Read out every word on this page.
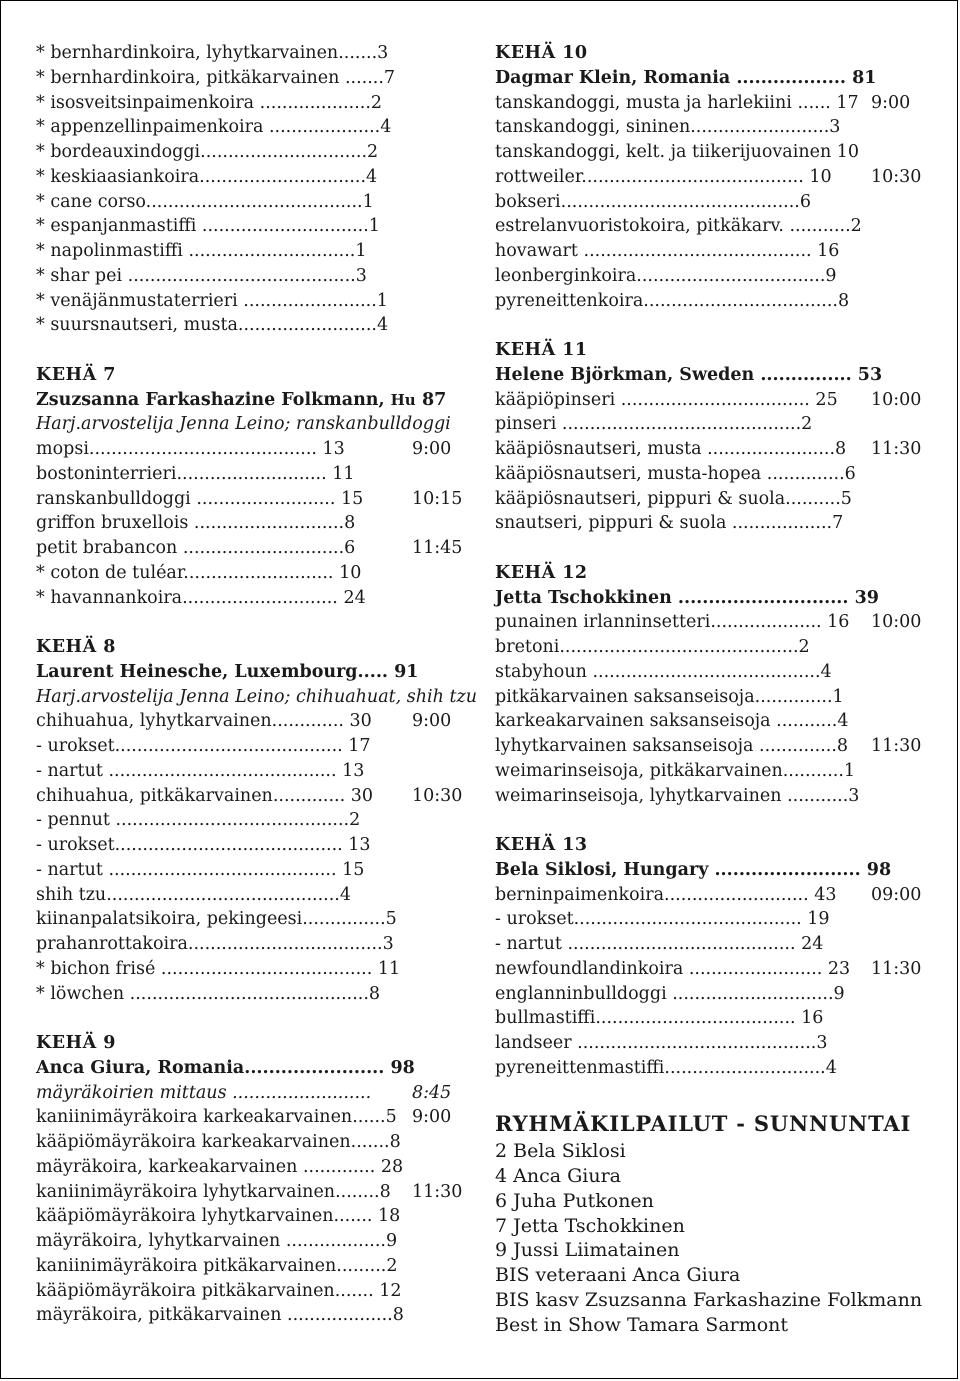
* bernhardinkoira, lyhytkarvainen.......3
* bernhardinkoira, pitkäkarvainen .......7
* isosveitsinpaimenkoira ....................2
* appenzellinpaimenkoira ....................4
* bordeauxindoggi..............................2
* keskiaasiankoira..............................4
* cane corso.......................................1
* espanjanmastiffi ..............................1
* napolinmastiffi ..............................1
* shar pei .........................................3
* venäjänmustaterrieri ........................1
* suursnautseri, musta.........................4
KEHÄ 7
Zsuzsanna Farkashazine Folkmann, Hu 87
Harj.arvostelija Jenna Leino; ranskanbulldoggi
mopsi......................................... 13	9:00
bostoninterrieri........................... 11
ranskanbulldoggi ......................... 15	10:15
griffon bruxellois ...........................8
petit brabancon .............................6	11:45
* coton de tuléar........................... 10
* havannankoira............................ 24
KEHÄ 8
Laurent Heinesche, Luxembourg..... 91
Harj.arvostelija Jenna Leino; chihuahuat, shih tzu
chihuahua, lyhytkarvainen............. 30 9:00
- urokset......................................... 17
- nartut ......................................... 13
chihuahua, pitkäkarvainen............. 30 10:30
- pennut ..........................................2
- urokset......................................... 13
- nartut ......................................... 15
shih tzu..........................................4
kiinanpalatsikoira, pekingeesi...............5
prahanrottakoira...................................3
* bichon frisé ...................................... 11
* löwchen ...........................................8
KEHÄ 9
Anca Giura, Romania....................... 98
mäyräkoirien mittaus ......................... 8:45
kaniinimäyräkoira karkeakarvainen......5 9:00
kääpiömäyräkoira karkeakarvainen.......8
mäyräkoira, karkeakarvainen ............. 28
kaniinimäyräkoira lyhytkarvainen........8 11:30
kääpiömäyräkoira lyhytkarvainen....... 18
mäyräkoira, lyhytkarvainen ..................9
kaniinimäyräkoira pitkäkarvainen.........2
kääpiömäyräkoira pitkäkarvainen....... 12
mäyräkoira, pitkäkarvainen ...................8
KEHÄ 10
Dagmar Klein, Romania .................. 81
tanskandoggi, musta ja harlekiini ...... 17 9:00
tanskandoggi, sininen.........................3
tanskandoggi, kelt. ja tiikerijuovainen 10
rottweiler........................................ 10 10:30
bokseri...........................................6
estrelanvuoristokoira, pitkäkarv. ...........2
hovawart ......................................... 16
leonberginkoira..................................9
pyreneittenkoira...................................8
KEHÄ 11
Helene Björkman, Sweden ............... 53
kääpiöpinseri .................................. 25 10:00
pinseri ...........................................2
kääpiösnautseri, musta .......................8 11:30
kääpiösnautseri, musta-hopea ..............6
kääpiösnautseri, pippuri & suola..........5
snautseri, pippuri & suola ..................7
KEHÄ 12
Jetta Tschokkinen ............................ 39
punainen irlanninsetteri.................... 16 10:00
bretoni...........................................2
stabyhoun .........................................4
pitkäkarvainen saksanseisoja..............1
karkeakarvainen saksanseisoja ...........4
lyhytkarvainen saksanseisoja ..............8 11:30
weimarinseisoja, pitkäkarvainen...........1
weimarinseisoja, lyhytkarvainen ...........3
KEHÄ 13
Bela Siklosi, Hungary ........................ 98
berninpaimenkoira.......................... 43 09:00
- urokset......................................... 19
- nartut ......................................... 24
newfoundlandinkoira ........................ 23 11:30
englanninbulldoggi .............................9
bullmastiffi.................................... 16
landseer ...........................................3
pyreneittenmastiffi.............................4
RYHMÄKILPAILUT - SUNNUNTAI
2 Bela Siklosi
4 Anca Giura
6 Juha Putkonen
7 Jetta Tschokkinen
9 Jussi Liimatainen
BIS veteraani Anca Giura
BIS kasv Zsuzsanna Farkashazine Folkmann
Best in Show Tamara Sarmont
